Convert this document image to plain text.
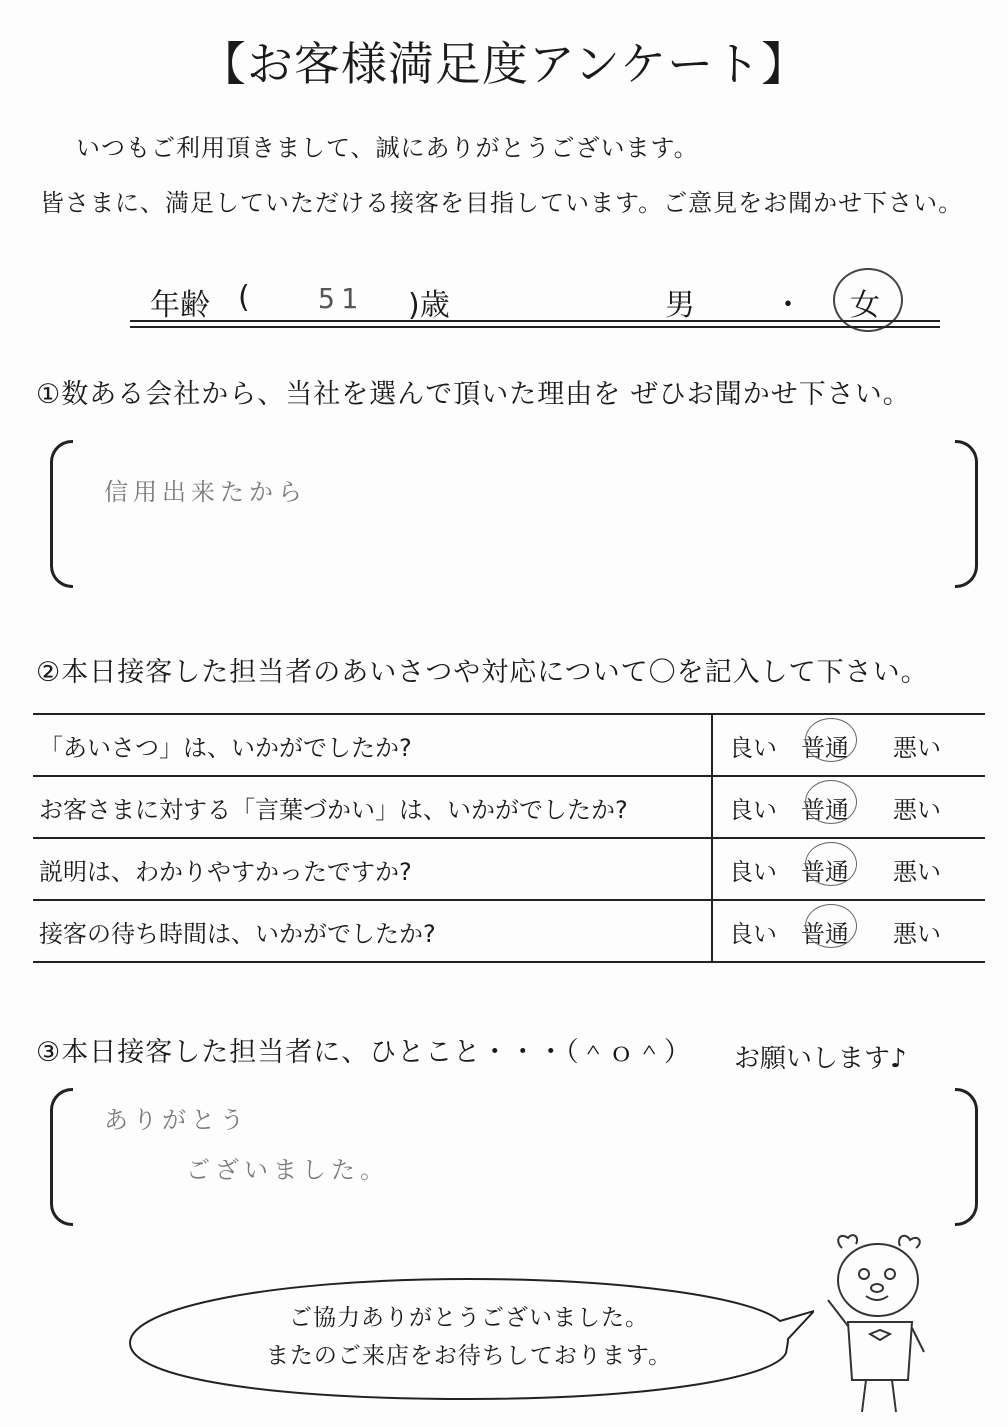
【お客様満足度アンケート】
いつもご利用頂きまして、誠にありがとうございます。
皆さまに、満足していただける接客を目指しています。ご意見をお聞かせ下さい。
年齢 ( 51 )歳	男	・ 女
①数ある会社から、当社を選んで頂いた理由を ぜひお聞かせ下さい。
信用出来たから
②本日接客した担当者のあいさつや対応について〇を記入して下さい。
「あいさつ」は、いかがでしたか?	良い 普通 悪い
お客さまに対する「言葉づかい」は、いかがでしたか?	良い 普通 悪い
説明は、わかりやすかったですか?	良い 普通 悪い
接客の待ち時間は、いかがでしたか?	良い 普通 悪い
③本日接客した担当者に、ひとこと・・・（＾ｏ＾） お願いします♪
ありがとう
ございました。
ご協力ありがとうございました。
またのご来店をお待ちしております。
